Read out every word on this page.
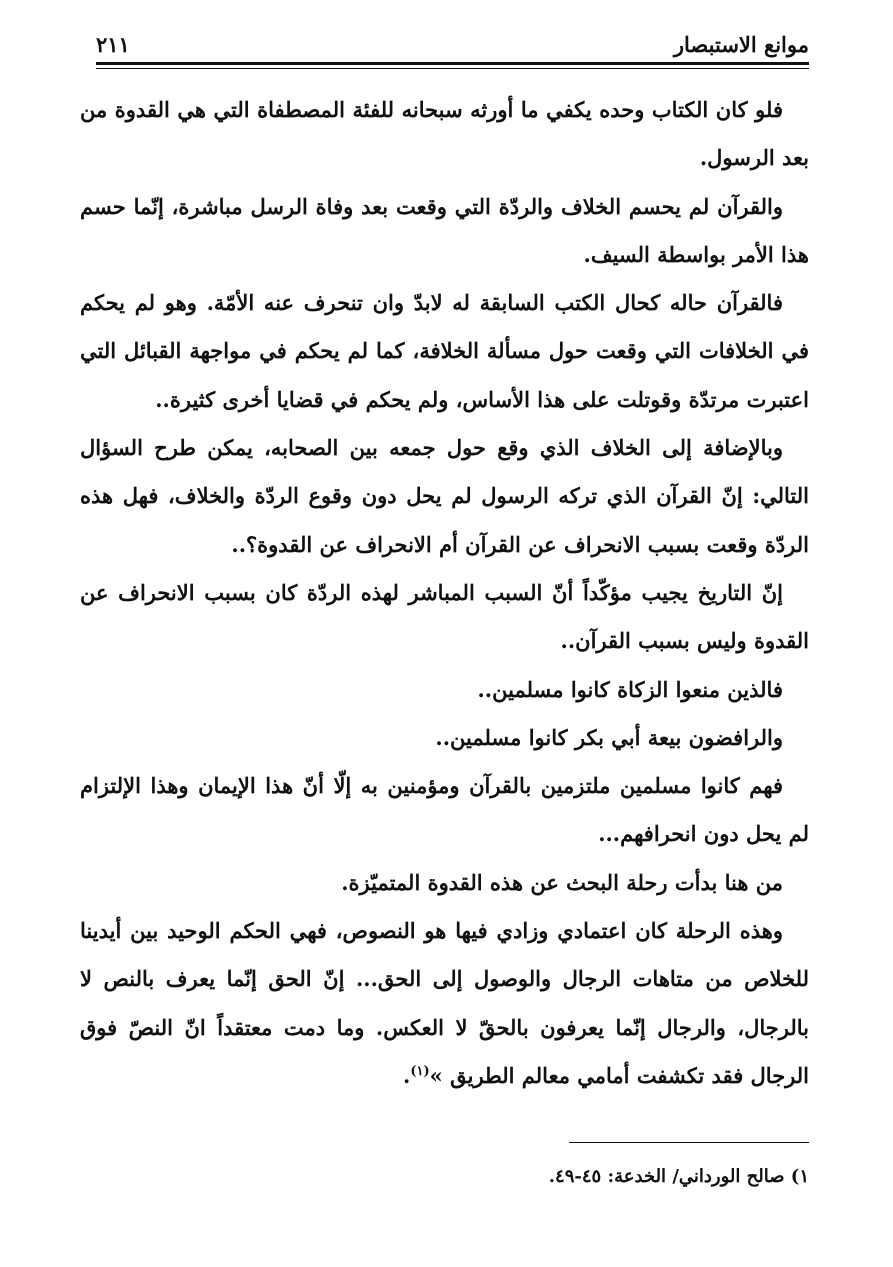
موانع الاستبصار
٢١١

فلو كان الكتاب وحده يكفي ما أورثه سبحانه للفئة المصطفاة التي هي القدوة من بعد الرسول.

والقرآن لم يحسم الخلاف والردّة التي وقعت بعد وفاة الرسل مباشرة، إنّما حسم هذا الأمر بواسطة السيف.

فالقرآن حاله كحال الكتب السابقة له لابدّ وان تنحرف عنه الأمّة. وهو لم يحكم في الخلافات التي وقعت حول مسألة الخلافة، كما لم يحكم في مواجهة القبائل التي اعتبرت مرتدّة وقوتلت على هذا الأساس، ولم يحكم في قضايا أخرى كثيرة..

وبالإضافة إلى الخلاف الذي وقع حول جمعه بين الصحابه، يمكن طرح السؤال التالي: إنّ القرآن الذي تركه الرسول لم يحل دون وقوع الردّة والخلاف، فهل هذه الردّة وقعت بسبب الانحراف عن القرآن أم الانحراف عن القدوة؟..

إنّ التاريخ يجيب مؤكّداً أنّ السبب المباشر لهذه الردّة كان بسبب الانحراف عن القدوة وليس بسبب القرآن..

فالذين منعوا الزكاة كانوا مسلمين..

والرافضون بيعة أبي بكر كانوا مسلمين..

فهم كانوا مسلمين ملتزمين بالقرآن ومؤمنين به إلّا أنّ هذا الإيمان وهذا الإلتزام لم يحل دون انحرافهم...

من هنا بدأت رحلة البحث عن هذه القدوة المتميّزة.

وهذه الرحلة كان اعتمادي وزادي فيها هو النصوص، فهي الحكم الوحيد بين أيدينا للخلاص من متاهات الرجال والوصول إلى الحق... إنّ الحق إنّما يعرف بالنص لا بالرجال، والرجال إنّما يعرفون بالحقّ لا العكس. وما دمت معتقداً انّ النصّ فوق الرجال فقد تكشفت أمامي معالم الطريق »$^{(١)}$.

١) صالح الورداني/ الخدعة: ٤٥-٤٩.
